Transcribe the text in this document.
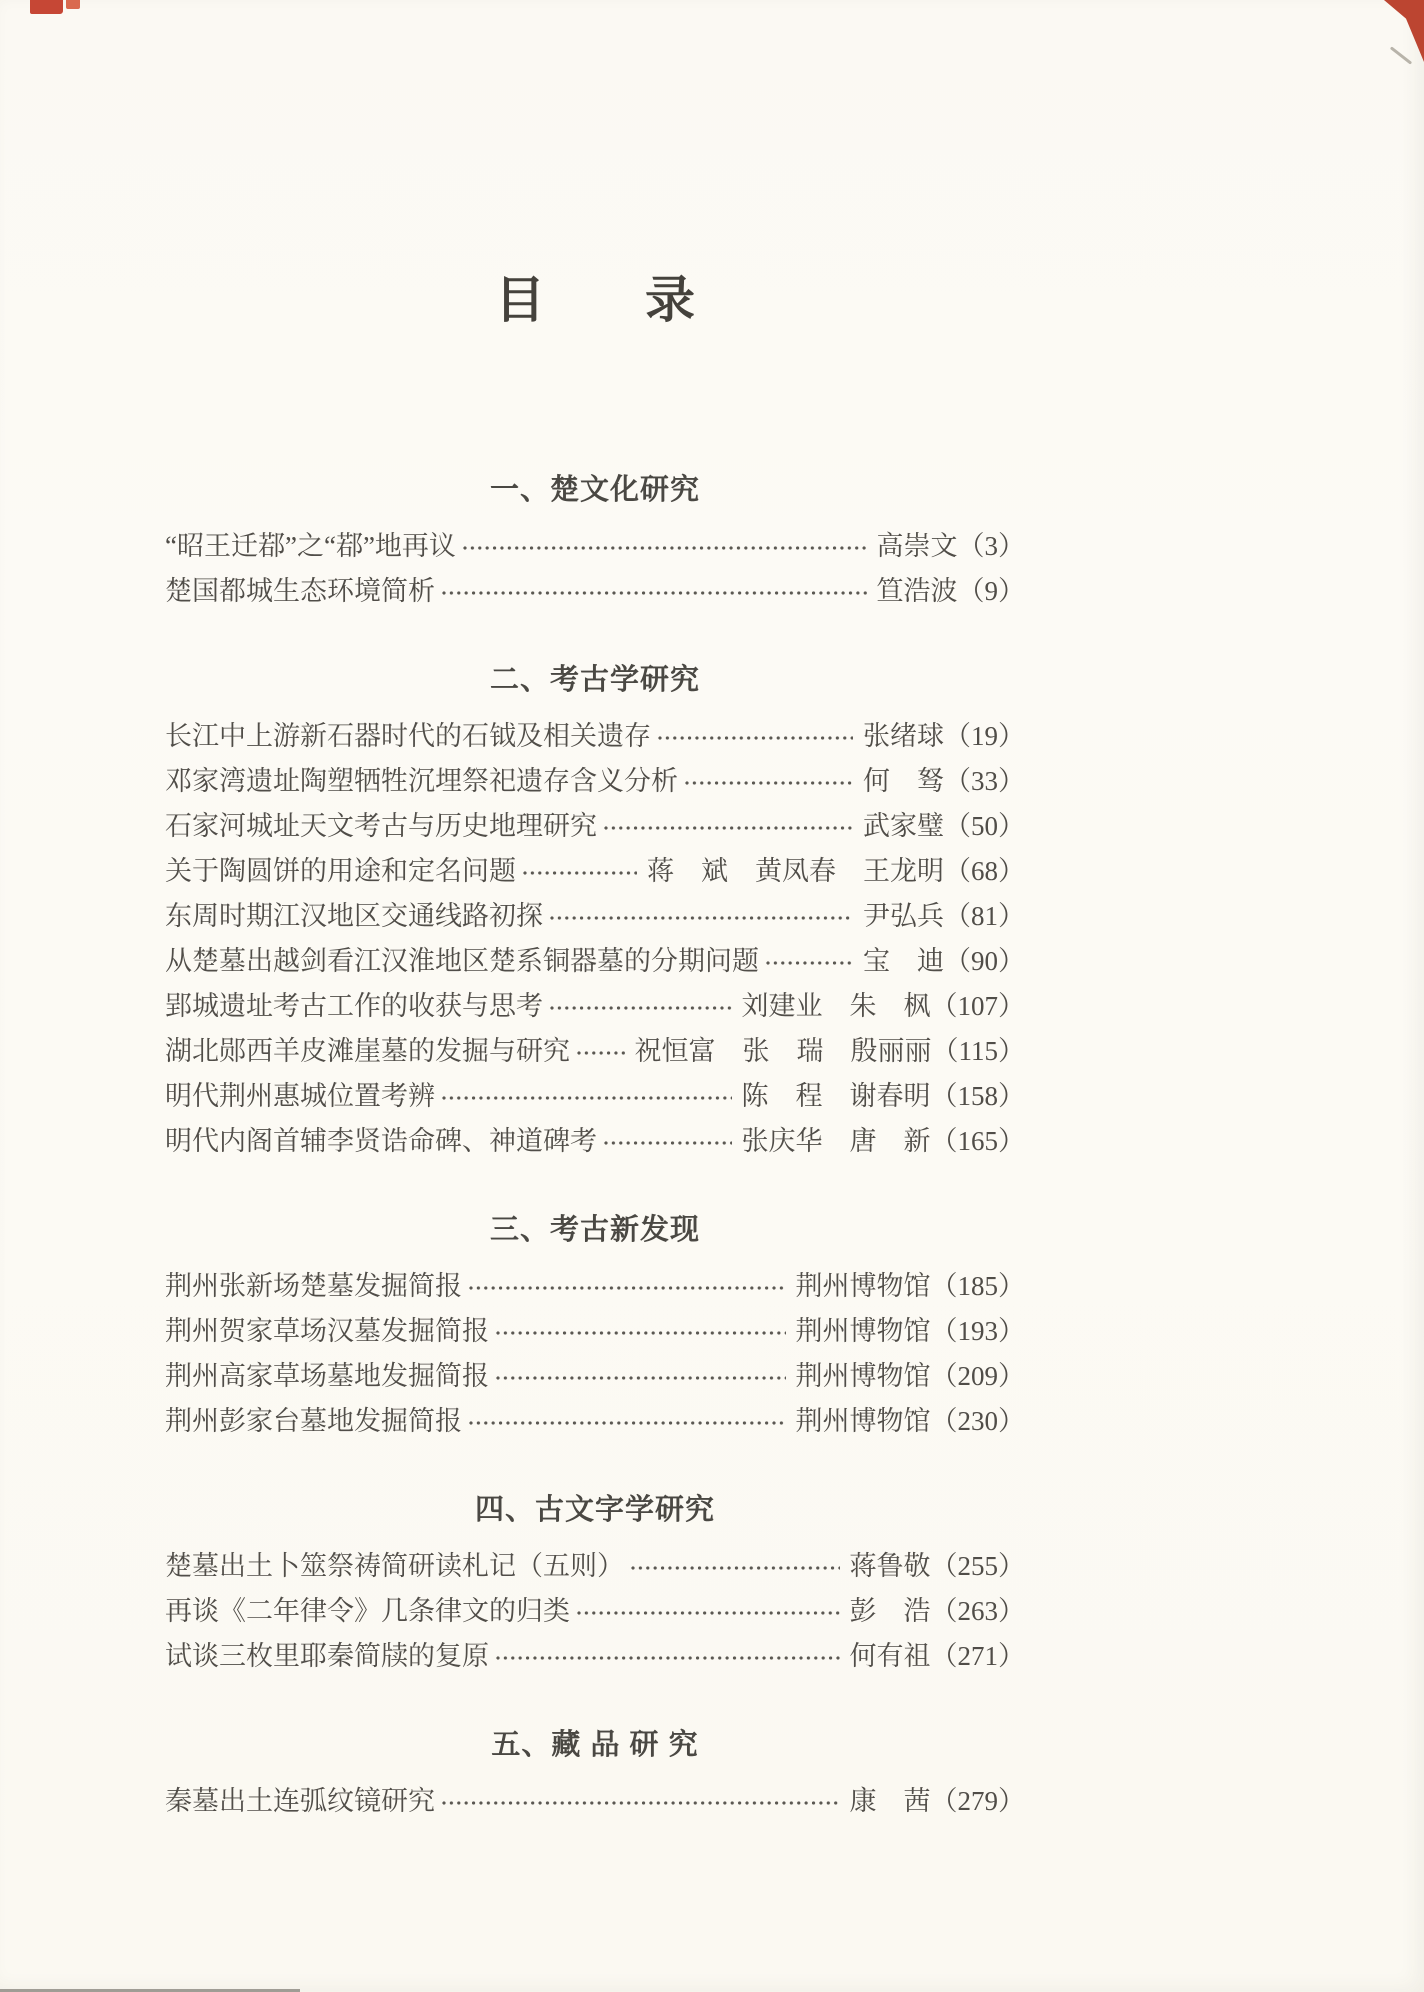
目　　录
一、楚文化研究
“昭王迁鄀”之“鄀”地再议	高崇文 （3）
楚国都城生态环境简析	笪浩波 （9）
二、考古学研究
长江中上游新石器时代的石钺及相关遗存	张绪球 （19）
邓家湾遗址陶塑牺牲沉埋祭祀遗存含义分析	何　驽 （33）
石家河城址天文考古与历史地理研究	武家璧 （50）
关于陶圆饼的用途和定名问题	蒋　斌　黄凤春　王龙明 （68）
东周时期江汉地区交通线路初探	尹弘兵 （81）
从楚墓出越剑看江汉淮地区楚系铜器墓的分期问题	宝　迪 （90）
郢城遗址考古工作的收获与思考	刘建业　朱　枫 （107）
湖北郧西羊皮滩崖墓的发掘与研究 祝恒富　张　瑞　殷丽丽 （115）
明代荆州惠城位置考辨	陈　程　谢春明 （158）
明代内阁首辅李贤诰命碑、神道碑考	张庆华　唐　新 （165）
三、考古新发现
荆州张新场楚墓发掘简报	荆州博物馆 （185）
荆州贺家草场汉墓发掘简报	荆州博物馆 （193）
荆州高家草场墓地发掘简报	荆州博物馆 （209）
荆州彭家台墓地发掘简报	荆州博物馆 （230）
四、古文字学研究
楚墓出土卜筮祭祷简研读札记（五则）	蒋鲁敬 （255）
再谈《二年律令》几条律文的归类	彭　浩 （263）
试谈三枚里耶秦简牍的复原	何有祖 （271）
五、藏 品 研 究
秦墓出土连弧纹镜研究	康　茜 （279）
